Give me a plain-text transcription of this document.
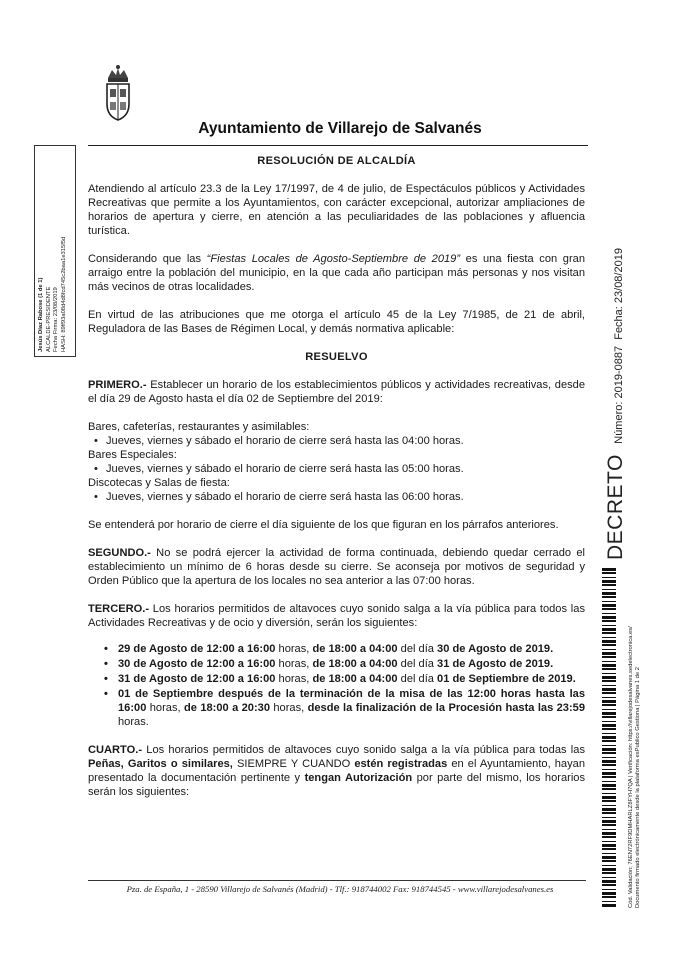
Ayuntamiento de Villarejo de Salvanés
Jesús Díaz Rabose (1 de 1) ALCALDE-PRESIDENTE Fecha Firma: 23/08/2019 HASH: 89ff93a08d4d8fcd745c2baa1e315f5d
RESOLUCIÓN DE ALCALDÍA

Atendiendo al artículo 23.3 de la Ley 17/1997, de 4 de julio, de Espectáculos públicos y Actividades Recreativas que permite a los Ayuntamientos, con carácter excepcional, autorizar ampliaciones de horarios de apertura y cierre, en atención a las peculiaridades de las poblaciones y afluencia turística.

Considerando que las “Fiestas Locales de Agosto-Septiembre de 2019” es una fiesta con gran arraigo entre la población del municipio, en la que cada año participan más personas y nos visitan más vecinos de otras localidades.

En virtud de las atribuciones que me otorga el artículo 45 de la Ley 7/1985, de 21 de abril, Reguladora de las Bases de Régimen Local, y demás normativa aplicable:

RESUELVO

PRIMERO.- Establecer un horario de los establecimientos públicos y actividades recreativas, desde el día 29 de Agosto hasta el día 02 de Septiembre del 2019:

Bares, cafeterías, restaurantes y asimilables:
• Jueves, viernes y sábado el horario de cierre será hasta las 04:00 horas.
Bares Especiales:
• Jueves, viernes y sábado el horario de cierre será hasta las 05:00 horas.
Discotecas y Salas de fiesta:
• Jueves, viernes y sábado el horario de cierre será hasta las 06:00 horas.

Se entenderá por horario de cierre el día siguiente de los que figuran en los párrafos anteriores.

SEGUNDO.- No se podrá ejercer la actividad de forma continuada, debiendo quedar cerrado el establecimiento un mínimo de 6 horas desde su cierre. Se aconseja por motivos de seguridad y Orden Público que la apertura de los locales no sea anterior a las 07:00 horas.

TERCERO.- Los horarios permitidos de altavoces cuyo sonido salga a la vía pública para todos las Actividades Recreativas y de ocio y diversión, serán los siguientes:

• 29 de Agosto de 12:00 a 16:00 horas, de 18:00 a 04:00 del día 30 de Agosto de 2019.
• 30 de Agosto de 12:00 a 16:00 horas, de 18:00 a 04:00 del día 31 de Agosto de 2019.
• 31 de Agosto de 12:00 a 16:00 horas, de 18:00 a 04:00 del día 01 de Septiembre de 2019.
• 01 de Septiembre después de la terminación de la misa de las 12:00 horas hasta las 16:00 horas, de 18:00 a 20:30 horas, desde la finalización de la Procesión hasta las 23:59 horas.

CUARTO.- Los horarios permitidos de altavoces cuyo sonido salga a la vía pública para todas las Peñas, Garitos o similares, SIEMPRE Y CUANDO estén registradas en el Ayuntamiento, hayan presentado la documentación pertinente y tengan Autorización por parte del mismo, los horarios serán los siguientes:

Pza. de España, 1 - 28590 Villarejo de Salvanés (Madrid) - Tlf.: 918744002 Fax: 918744545 - www.villarejodesalvanes.es
DECRETO Número: 2019-0887  Fecha: 23/08/2019
Cód. Validación: 76EN72RF9DMHARLZ8FYH7QA | Verificación: https://villarejodesalvanes.sedelectronica.es/ Documento firmado electrónicamente desde la plataforma esPublico Gestiona | Página 1 de 2
